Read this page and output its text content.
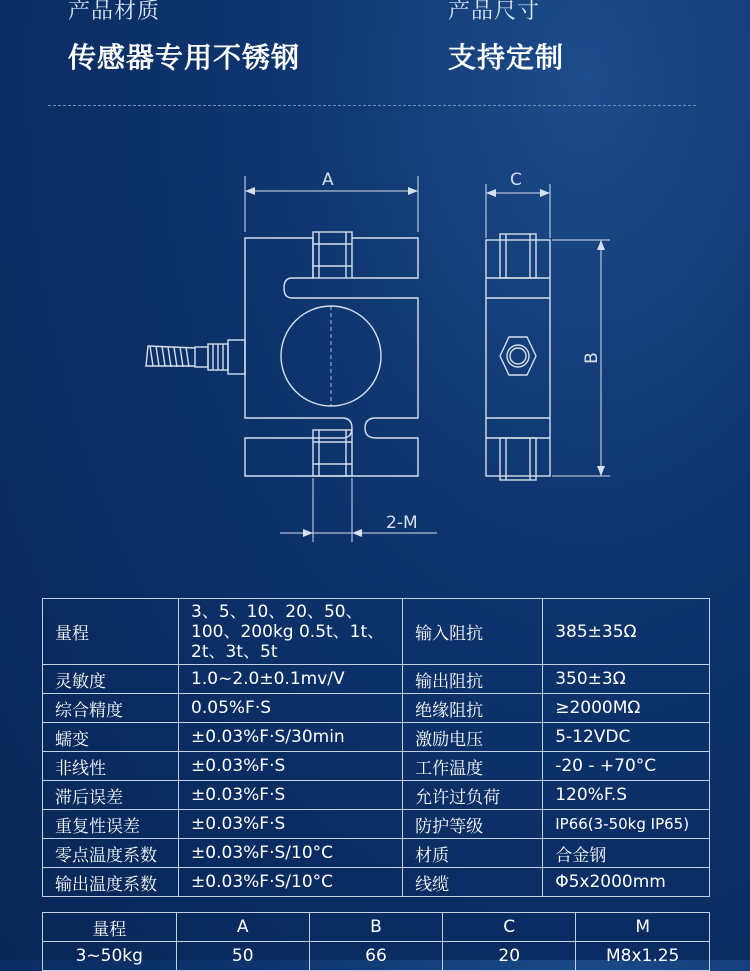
产品材质
传感器专用不锈钢
产品尺寸
支持定制
A	C
B
2-M
量程	3、5、10、20、50、100、200kg 0.5t、1t、2t、3t、5t	输入阻抗	385±35Ω
灵敏度	1.0~2.0±0.1mv/V	输出阻抗	350±3Ω
综合精度	0.05%F·S	绝缘阻抗	≥2000MΩ
蠕变	±0.03%F·S/30min	激励电压	5-12VDC
非线性	±0.03%F·S	工作温度	-20 - +70°C
滞后误差	±0.03%F·S	允许过负荷	120%F.S
重复性误差	±0.03%F·S	防护等级	IP66(3-50kg IP65)
零点温度系数	±0.03%F·S/10°C	材质	合金钢
输出温度系数	±0.03%F·S/10°C	线缆	Φ5x2000mm
量程	A	B	C	M
3~50kg	50	66	20	M8x1.25
